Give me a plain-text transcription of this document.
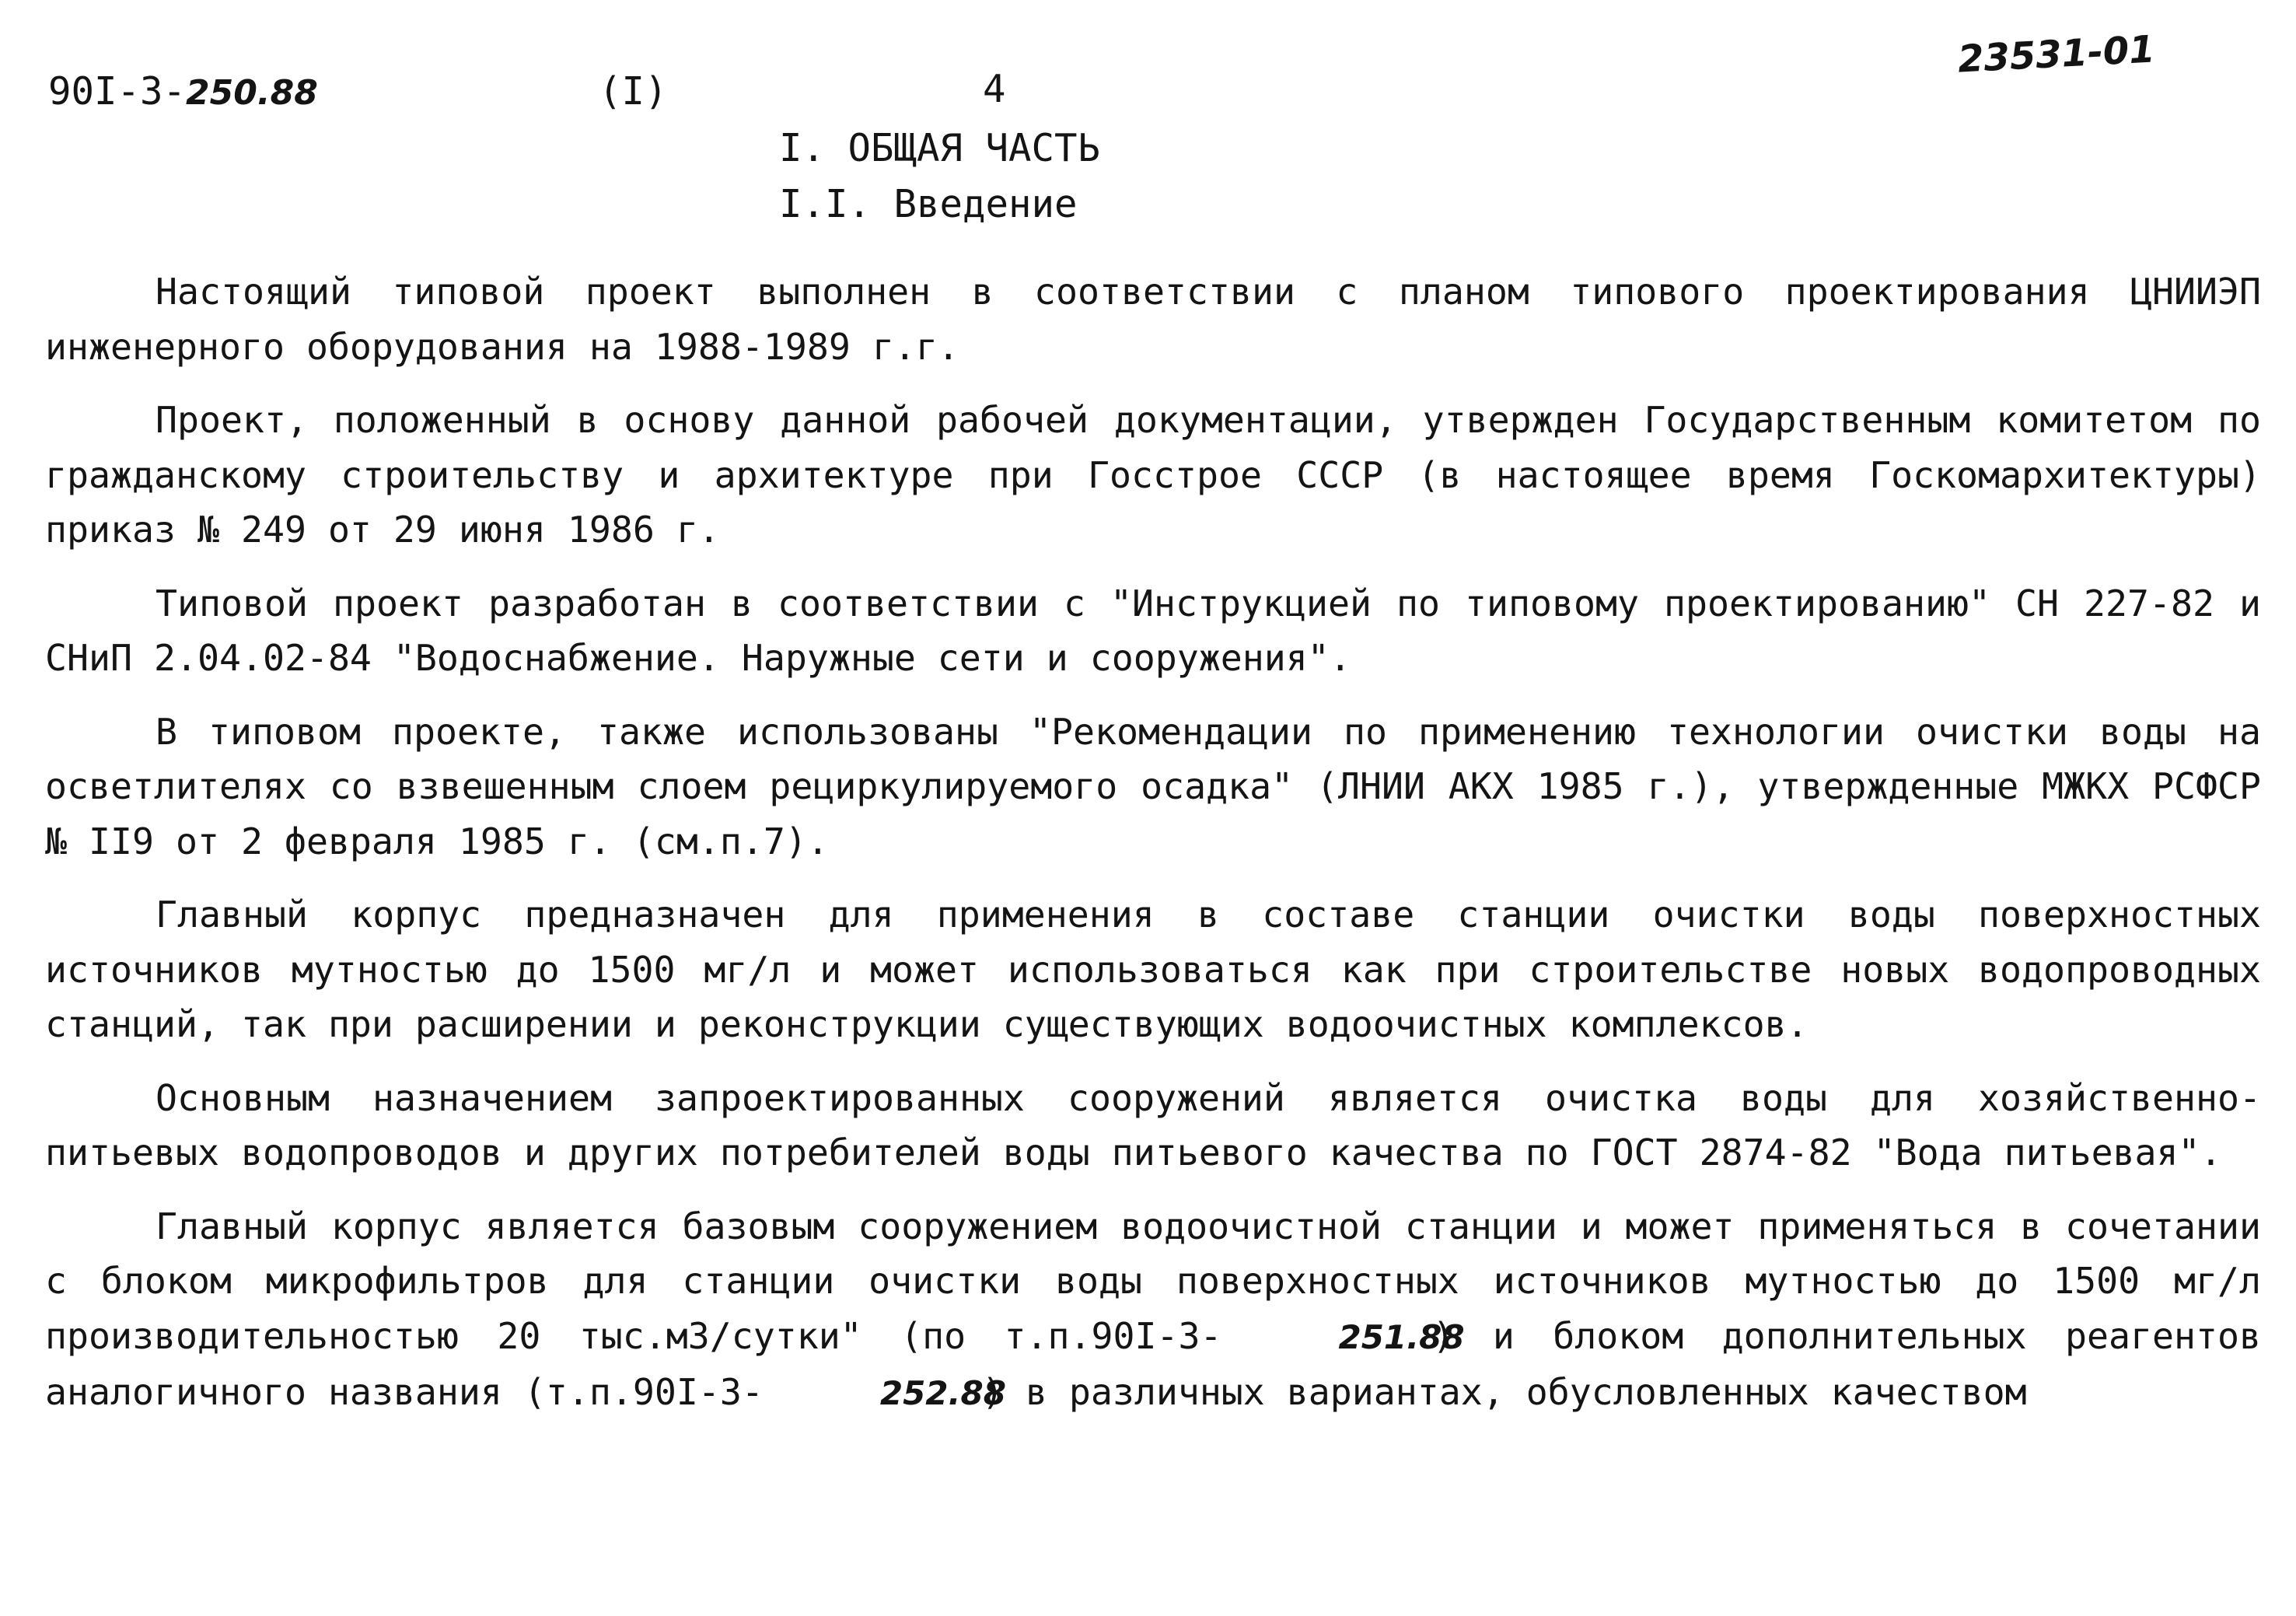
90I-3-250.88	(I)	4
23531-01
I. ОБЩАЯ ЧАСТЬ
I.I. Введение

Настоящий типовой проект выполнен в соответствии с планом типового проектирования ЦНИИЭП инженерного оборудования на 1988-1989 г.г.

Проект, положенный в основу данной рабочей документации, утвержден Государственным комитетом по гражданскому строительству и архитектуре при Госстрое СССР (в настоящее время Госкомархитектуры) приказ № 249 от 29 июня 1986 г.

Типовой проект разработан в соответствии с "Инструкцией по типовому проектированию" СН 227-82 и СНиП 2.04.02-84 "Водоснабжение. Наружные сети и сооружения".

В типовом проекте, также использованы "Рекомендации по применению технологии очистки воды на осветлителях со взвешенным слоем рециркулируемого осадка" (ЛНИИ АКХ 1985 г.), утвержденные МЖКХ РСФСР № II9 от 2 февраля 1985 г. (см.п.7).

Главный корпус предназначен для применения в составе станции очистки воды поверхностных источников мутностью до 1500 мг/л и может использоваться как при строительстве новых водопроводных станций, так при расширении и реконструкции существующих водоочистных комплексов.

Основным назначением запроектированных сооружений является очистка воды для хозяйственно-питьевых водопроводов и других потребителей воды питьевого качества по ГОСТ 2874-82 "Вода питьевая".

Главный корпус является базовым сооружением водоочистной станции и может применяться в сочетании с блоком микрофильтров для станции очистки воды поверхностных источников мутностью до 1500 мг/л производительностью 20 тыс.м3/сутки" (по т.п.90I-3-	251.88) и блоком дополнительных реагентов аналогичного названия (т.п.90I-3-	252.88) в различных вариантах, обусловленных качеством
